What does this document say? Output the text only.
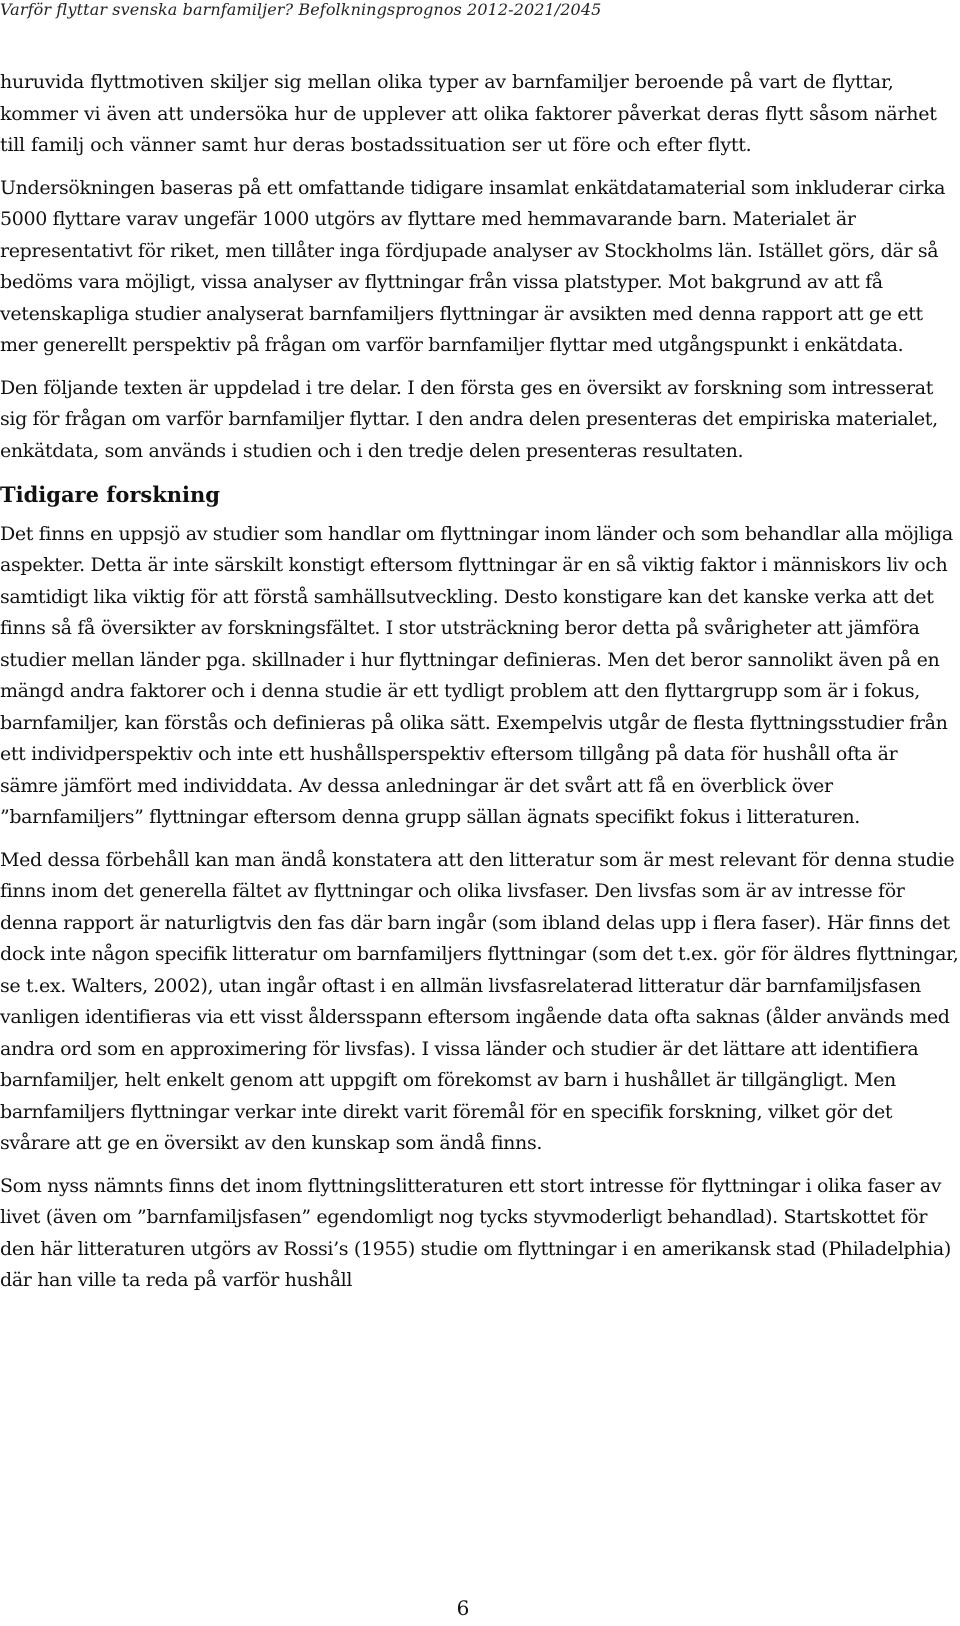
Varför flyttar svenska barnfamiljer? Befolkningsprognos 2012-2021/2045

huruvida flyttmotiven skiljer sig mellan olika typer av barnfamiljer beroende på vart de flyttar, kommer vi även att undersöka hur de upplever att olika faktorer påverkat deras flytt såsom närhet till familj och vänner samt hur deras bostadssituation ser ut före och efter flytt.

Undersökningen baseras på ett omfattande tidigare insamlat enkätdatamaterial som inkluderar cirka 5000 flyttare varav ungefär 1000 utgörs av flyttare med hemmavarande barn. Materialet är representativt för riket, men tillåter inga fördjupade analyser av Stockholms län. Istället görs, där så bedöms vara möjligt, vissa analyser av flyttningar från vissa platstyper. Mot bakgrund av att få vetenskapliga studier analyserat barnfamiljers flyttningar är avsikten med denna rapport att ge ett mer generellt perspektiv på frågan om varför barnfamiljer flyttar med utgångspunkt i enkätdata.

Den följande texten är uppdelad i tre delar. I den första ges en översikt av forskning som intresserat sig för frågan om varför barnfamiljer flyttar. I den andra delen presenteras det empiriska materialet, enkätdata, som används i studien och i den tredje delen presenteras resultaten.

Tidigare forskning

Det finns en uppsjö av studier som handlar om flyttningar inom länder och som behandlar alla möjliga aspekter. Detta är inte särskilt konstigt eftersom flyttningar är en så viktig faktor i människors liv och samtidigt lika viktig för att förstå samhällsutveckling. Desto konstigare kan det kanske verka att det finns så få översikter av forskningsfältet. I stor utsträckning beror detta på svårigheter att jämföra studier mellan länder pga. skillnader i hur flyttningar definieras. Men det beror sannolikt även på en mängd andra faktorer och i denna studie är ett tydligt problem att den flyttargrupp som är i fokus, barnfamiljer, kan förstås och definieras på olika sätt. Exempelvis utgår de flesta flyttningsstudier från ett individperspektiv och inte ett hushållsperspektiv eftersom tillgång på data för hushåll ofta är sämre jämfört med individdata. Av dessa anledningar är det svårt att få en överblick över ”barnfamiljers” flyttningar eftersom denna grupp sällan ägnats specifikt fokus i litteraturen.

Med dessa förbehåll kan man ändå konstatera att den litteratur som är mest relevant för denna studie finns inom det generella fältet av flyttningar och olika livsfaser. Den livsfas som är av intresse för denna rapport är naturligtvis den fas där barn ingår (som ibland delas upp i flera faser). Här finns det dock inte någon specifik litteratur om barnfamiljers flyttningar (som det t.ex. gör för äldres flyttningar, se t.ex. Walters, 2002), utan ingår oftast i en allmän livsfasrelaterad litteratur där barnfamiljsfasen vanligen identifieras via ett visst åldersspann eftersom ingående data ofta saknas (ålder används med andra ord som en approximering för livsfas). I vissa länder och studier är det lättare att identifiera barnfamiljer, helt enkelt genom att uppgift om förekomst av barn i hushållet är tillgängligt. Men barnfamiljers flyttningar verkar inte direkt varit föremål för en specifik forskning, vilket gör det svårare att ge en översikt av den kunskap som ändå finns.

Som nyss nämnts finns det inom flyttningslitteraturen ett stort intresse för flyttningar i olika faser av livet (även om ”barnfamiljsfasen” egendomligt nog tycks styvmoderligt behandlad). Startskottet för den här litteraturen utgörs av Rossi’s (1955) studie om flyttningar i en amerikansk stad (Philadelphia) där han ville ta reda på varför hushåll

6
